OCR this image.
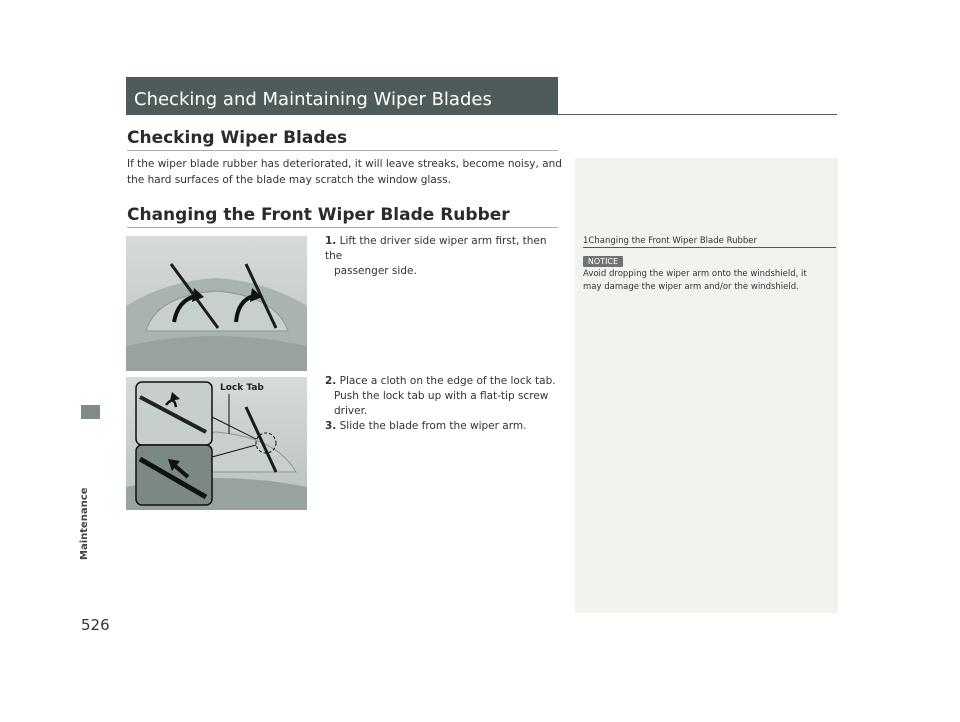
Maintenance
526
Checking and Maintaining Wiper Blades
Checking Wiper Blades
If the wiper blade rubber has deteriorated, it will leave streaks, become noisy, and
the hard surfaces of the blade may scratch the window glass.
Changing the Front Wiper Blade Rubber
Lock Tab
1. Lift the driver side wiper arm first, then the
passenger side.
2. Place a cloth on the edge of the lock tab.
Push the lock tab up with a flat-tip screw
driver.
3. Slide the blade from the wiper arm.
1Changing the Front Wiper Blade Rubber
NOTICE
Avoid dropping the wiper arm onto the windshield, it
may damage the wiper arm and/or the windshield.
